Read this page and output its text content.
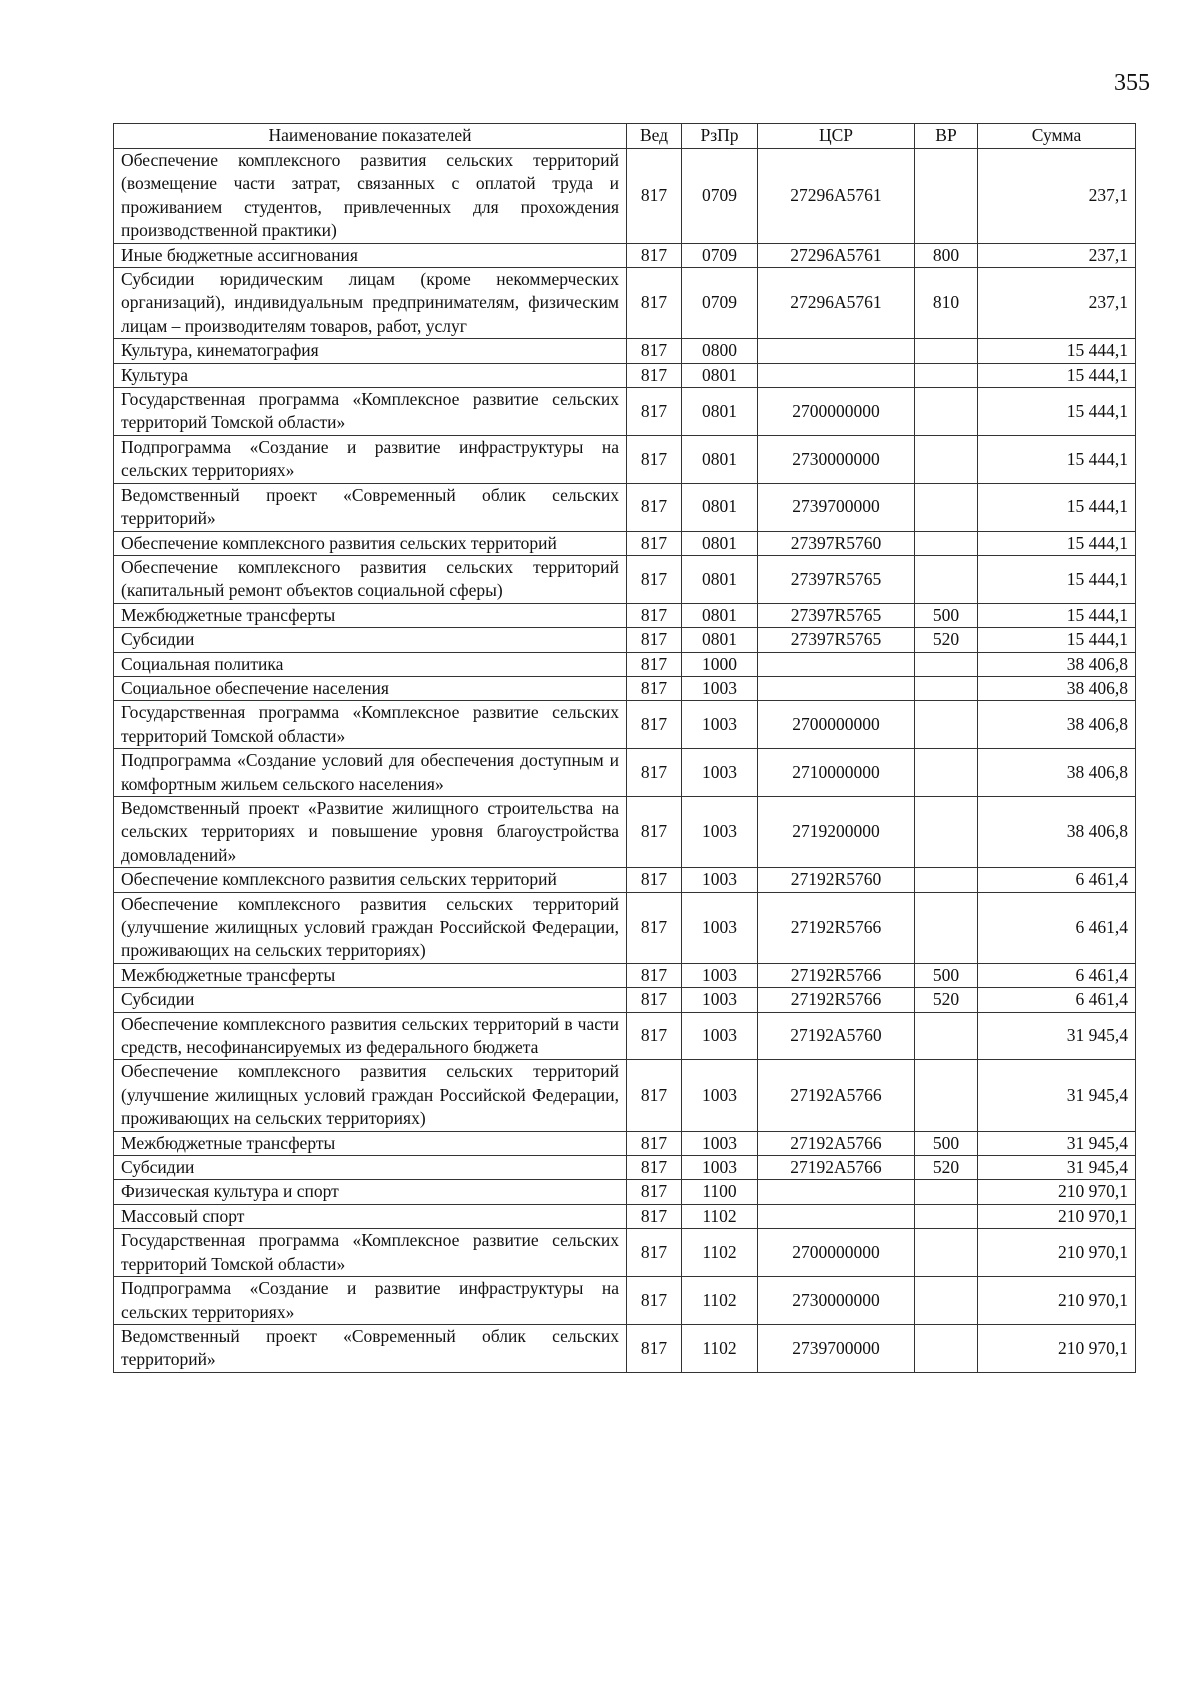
355
Наименование показателей	Вед	РзПр	ЦСР	ВР	Сумма
Обеспечение комплексного развития сельских территорий (возмещение части затрат, связанных с оплатой труда и проживанием студентов, привлеченных для прохождения производственной практики)	817	0709	27296А5761		237,1
Иные бюджетные ассигнования	817	0709	27296А5761	800	237,1
Субсидии юридическим лицам (кроме некоммерческих организаций), индивидуальным предпринимателям, физическим лицам – производителям товаров, работ, услуг	817	0709	27296А5761	810	237,1
Культура, кинематография	817	0800			15 444,1
Культура	817	0801			15 444,1
Государственная программа «Комплексное развитие сельских территорий Томской области»	817	0801	2700000000		15 444,1
Подпрограмма «Создание и развитие инфраструктуры на сельских территориях»	817	0801	2730000000		15 444,1
Ведомственный проект «Современный облик сельских территорий»	817	0801	2739700000		15 444,1
Обеспечение комплексного развития сельских территорий	817	0801	27397R5760		15 444,1
Обеспечение комплексного развития сельских территорий (капитальный ремонт объектов социальной сферы)	817	0801	27397R5765		15 444,1
Межбюджетные трансферты	817	0801	27397R5765	500	15 444,1
Субсидии	817	0801	27397R5765	520	15 444,1
Социальная политика	817	1000			38 406,8
Социальное обеспечение населения	817	1003			38 406,8
Государственная программа «Комплексное развитие сельских территорий Томской области»	817	1003	2700000000		38 406,8
Подпрограмма «Создание условий для обеспечения доступным и комфортным жильем сельского населения»	817	1003	2710000000		38 406,8
Ведомственный проект «Развитие жилищного строительства на сельских территориях и повышение уровня благоустройства домовладений»	817	1003	2719200000		38 406,8
Обеспечение комплексного развития сельских территорий	817	1003	27192R5760		6 461,4
Обеспечение комплексного развития сельских территорий (улучшение жилищных условий граждан Российской Федерации, проживающих на сельских территориях)	817	1003	27192R5766		6 461,4
Межбюджетные трансферты	817	1003	27192R5766	500	6 461,4
Субсидии	817	1003	27192R5766	520	6 461,4
Обеспечение комплексного развития сельских территорий в части средств, несофинансируемых из федерального бюджета	817	1003	27192А5760		31 945,4
Обеспечение комплексного развития сельских территорий (улучшение жилищных условий граждан Российской Федерации, проживающих на сельских территориях)	817	1003	27192А5766		31 945,4
Межбюджетные трансферты	817	1003	27192А5766	500	31 945,4
Субсидии	817	1003	27192А5766	520	31 945,4
Физическая культура и спорт	817	1100			210 970,1
Массовый спорт	817	1102			210 970,1
Государственная программа «Комплексное развитие сельских территорий Томской области»	817	1102	2700000000		210 970,1
Подпрограмма «Создание и развитие инфраструктуры на сельских территориях»	817	1102	2730000000		210 970,1
Ведомственный проект «Современный облик сельских территорий»	817	1102	2739700000		210 970,1
